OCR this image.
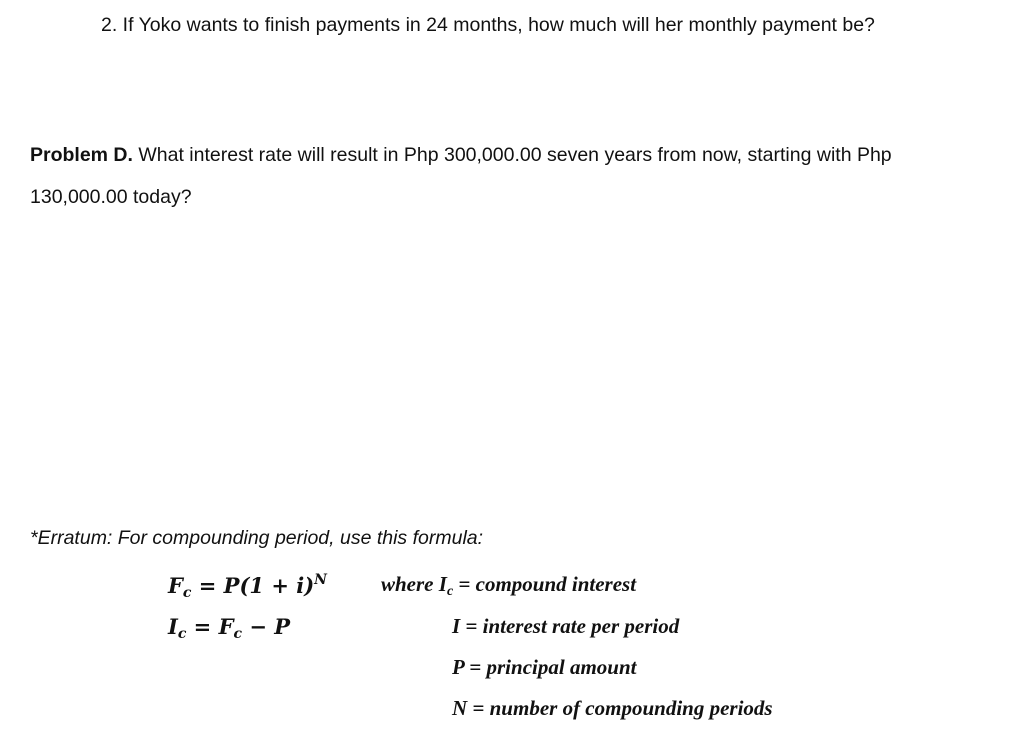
2. If Yoko wants to finish payments in 24 months, how much will her monthly payment be?

Problem D. What interest rate will result in Php 300,000.00 seven years from now, starting with Php 130,000.00 today?

*Erratum: For compounding period, use this formula:

$F_c = P(1 + i)^N$
$I_c = F_c - P$
where $I_c$ = compound interest
I = interest rate per period
P = principal amount
N = number of compounding periods
